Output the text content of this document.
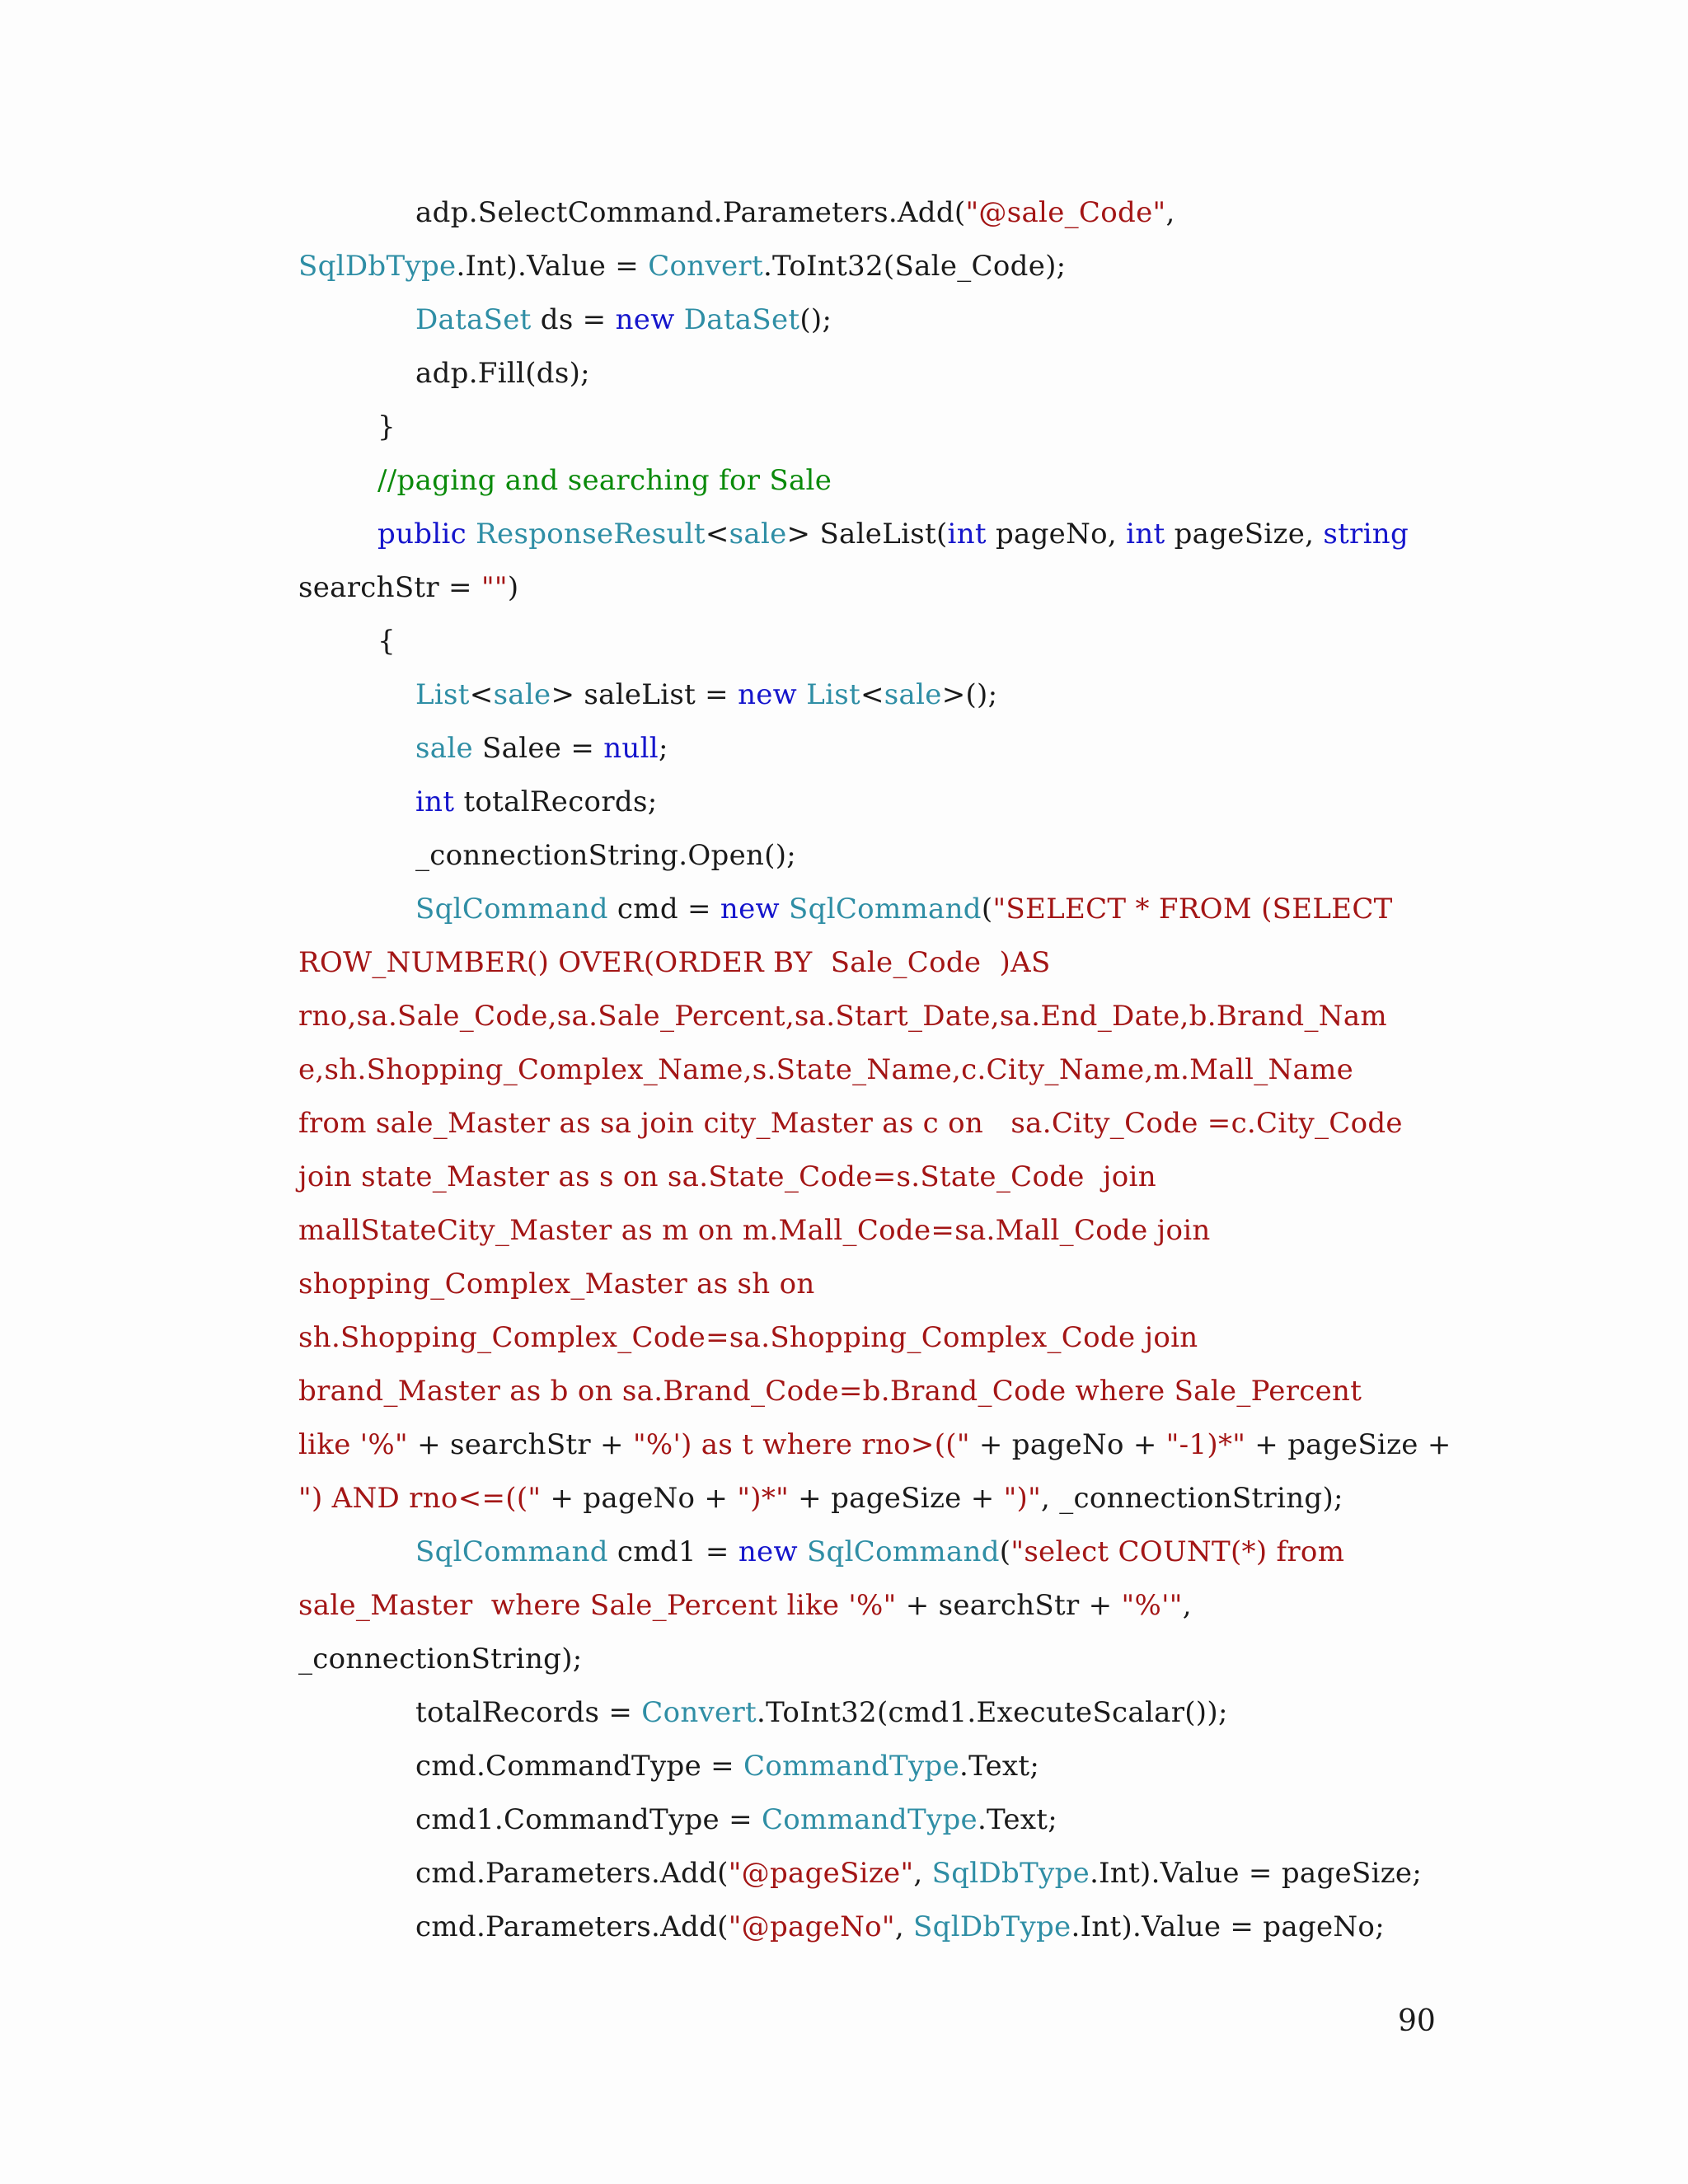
adp.SelectCommand.Parameters.Add("@sale_Code",
SqlDbType.Int).Value = Convert.ToInt32(Sale_Code);
DataSet ds = new DataSet();
adp.Fill(ds);
}
//paging and searching for Sale
public ResponseResult<sale> SaleList(int pageNo, int pageSize, string
searchStr = "")
{
List<sale> saleList = new List<sale>();
sale Salee = null;
int totalRecords;
_connectionString.Open();
SqlCommand cmd = new SqlCommand("SELECT * FROM (SELECT
ROW_NUMBER() OVER(ORDER BY  Sale_Code  )AS
rno,sa.Sale_Code,sa.Sale_Percent,sa.Start_Date,sa.End_Date,b.Brand_Nam
e,sh.Shopping_Complex_Name,s.State_Name,c.City_Name,m.Mall_Name
from sale_Master as sa join city_Master as c on   sa.City_Code =c.City_Code
join state_Master as s on sa.State_Code=s.State_Code  join
mallStateCity_Master as m on m.Mall_Code=sa.Mall_Code join
shopping_Complex_Master as sh on
sh.Shopping_Complex_Code=sa.Shopping_Complex_Code join
brand_Master as b on sa.Brand_Code=b.Brand_Code where Sale_Percent
like '%" + searchStr + "%') as t where rno>((" + pageNo + "-1)*" + pageSize +
") AND rno<=((" + pageNo + ")*" + pageSize + ")", _connectionString);
SqlCommand cmd1 = new SqlCommand("select COUNT(*) from
sale_Master  where Sale_Percent like '%" + searchStr + "%'",
_connectionString);
totalRecords = Convert.ToInt32(cmd1.ExecuteScalar());
cmd.CommandType = CommandType.Text;
cmd1.CommandType = CommandType.Text;
cmd.Parameters.Add("@pageSize", SqlDbType.Int).Value = pageSize;
cmd.Parameters.Add("@pageNo", SqlDbType.Int).Value = pageNo;
90
